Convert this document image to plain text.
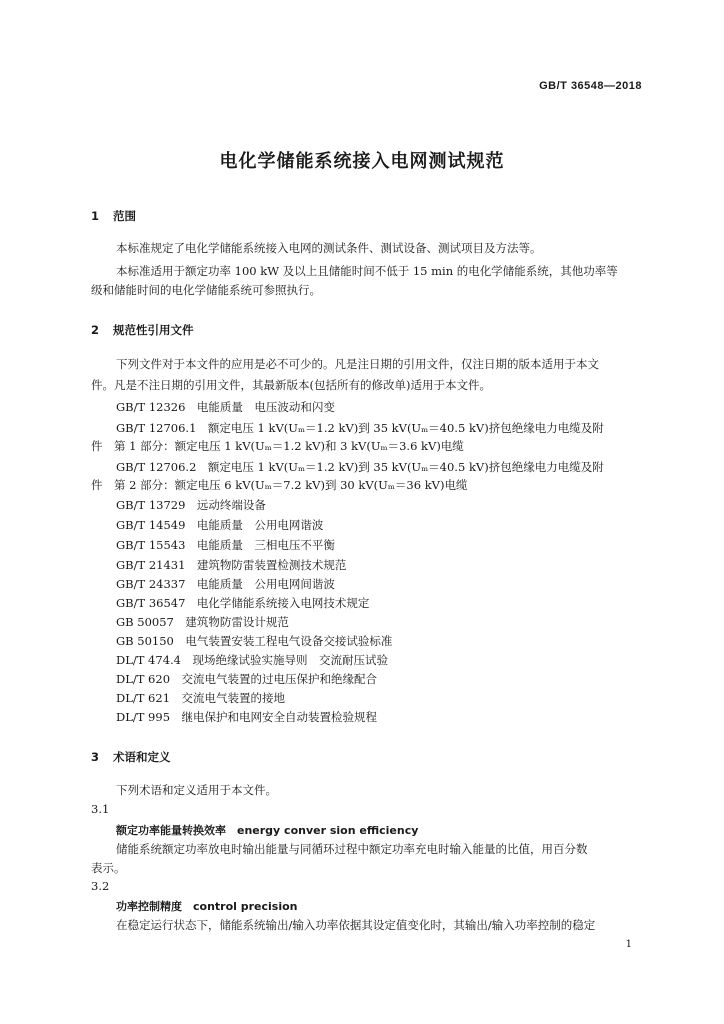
GB/T 36548—2018
电化学储能系统接入电网测试规范
1 范围
本标准规定了电化学储能系统接入电网的测试条件、测试设备、测试项目及方法等。
本标准适用于额定功率 100 kW 及以上且储能时间不低于 15 min 的电化学储能系统，其他功率等
级和储能时间的电化学储能系统可参照执行。
2 规范性引用文件
下列文件对于本文件的应用是必不可少的。凡是注日期的引用文件，仅注日期的版本适用于本文
件。凡是不注日期的引用文件，其最新版本(包括所有的修改单)适用于本文件。
GB/T 12326　电能质量　电压波动和闪变
GB/T 12706.1　额定电压 1 kV(Uₘ＝1.2 kV)到 35 kV(Uₘ＝40.5 kV)挤包绝缘电力电缆及附
件　第 1 部分：额定电压 1 kV(Uₘ＝1.2 kV)和 3 kV(Uₘ＝3.6 kV)电缆
GB/T 12706.2　额定电压 1 kV(Uₘ＝1.2 kV)到 35 kV(Uₘ＝40.5 kV)挤包绝缘电力电缆及附
件　第 2 部分：额定电压 6 kV(Uₘ＝7.2 kV)到 30 kV(Uₘ＝36 kV)电缆
GB/T 13729　远动终端设备
GB/T 14549　电能质量　公用电网谐波
GB/T 15543　电能质量　三相电压不平衡
GB/T 21431　建筑物防雷装置检测技术规范
GB/T 24337　电能质量　公用电网间谐波
GB/T 36547　电化学储能系统接入电网技术规定
GB 50057　建筑物防雷设计规范
GB 50150　电气装置安装工程电气设备交接试验标准
DL/T 474.4　现场绝缘试验实施导则　交流耐压试验
DL/T 620　交流电气装置的过电压保护和绝缘配合
DL/T 621　交流电气装置的接地
DL/T 995　继电保护和电网安全自动装置检验规程
3 术语和定义
下列术语和定义适用于本文件。
3.1
额定功率能量转换效率　energy conver sion efficiency
储能系统额定功率放电时输出能量与同循环过程中额定功率充电时输入能量的比值，用百分数
表示。
3.2
功率控制精度　control precision
在稳定运行状态下，储能系统输出/输入功率依据其设定值变化时，其输出/输入功率控制的稳定
1
